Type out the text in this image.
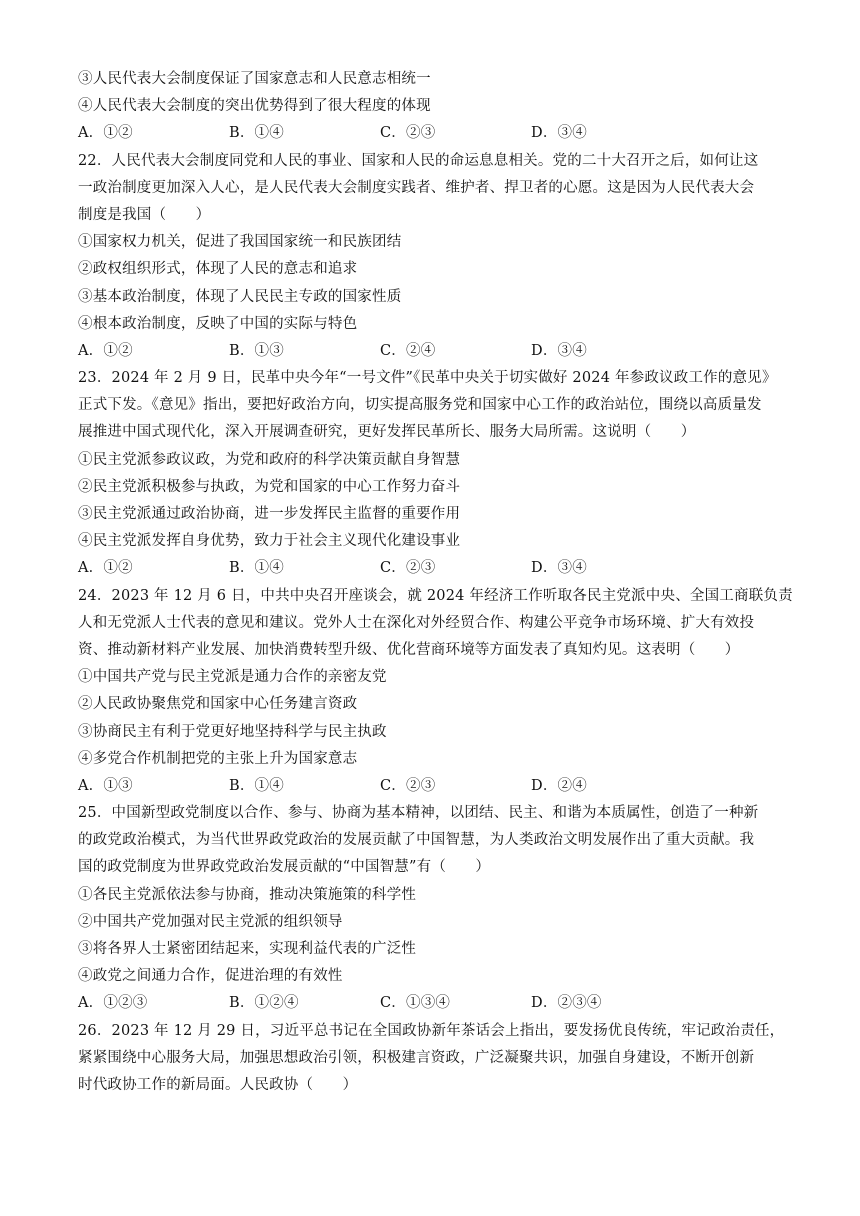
③人民代表大会制度保证了国家意志和人民意志相统一
④人民代表大会制度的突出优势得到了很大程度的体现
A．①②	B．①④	C．②③	D．③④
22．人民代表大会制度同党和人民的事业、国家和人民的命运息息相关。党的二十大召开之后，如何让这
一政治制度更加深入人心，是人民代表大会制度实践者、维护者、捍卫者的心愿。这是因为人民代表大会
制度是我国（　　）
①国家权力机关，促进了我国国家统一和民族团结
②政权组织形式，体现了人民的意志和追求
③基本政治制度，体现了人民民主专政的国家性质
④根本政治制度，反映了中国的实际与特色
A．①②	B．①③	C．②④	D．③④
23．2024 年 2 月 9 日，民革中央今年“一号文件”《民革中央关于切实做好 2024 年参政议政工作的意见》
正式下发。《意见》指出，要把好政治方向，切实提高服务党和国家中心工作的政治站位，围绕以高质量发
展推进中国式现代化，深入开展调查研究，更好发挥民革所长、服务大局所需。这说明（　　）
①民主党派参政议政，为党和政府的科学决策贡献自身智慧
②民主党派积极参与执政，为党和国家的中心工作努力奋斗
③民主党派通过政治协商，进一步发挥民主监督的重要作用
④民主党派发挥自身优势，致力于社会主义现代化建设事业
A．①②	B．①④	C．②③	D．③④
24．2023 年 12 月 6 日，中共中央召开座谈会，就 2024 年经济工作听取各民主党派中央、全国工商联负责
人和无党派人士代表的意见和建议。党外人士在深化对外经贸合作、构建公平竞争市场环境、扩大有效投
资、推动新材料产业发展、加快消费转型升级、优化营商环境等方面发表了真知灼见。这表明（　　）
①中国共产党与民主党派是通力合作的亲密友党
②人民政协聚焦党和国家中心任务建言资政
③协商民主有利于党更好地坚持科学与民主执政
④多党合作机制把党的主张上升为国家意志
A．①③	B．①④	C．②③	D．②④
25．中国新型政党制度以合作、参与、协商为基本精神，以团结、民主、和谐为本质属性，创造了一种新
的政党政治模式，为当代世界政党政治的发展贡献了中国智慧，为人类政治文明发展作出了重大贡献。我
国的政党制度为世界政党政治发展贡献的“中国智慧”有（　　）
①各民主党派依法参与协商，推动决策施策的科学性
②中国共产党加强对民主党派的组织领导
③将各界人士紧密团结起来，实现利益代表的广泛性
④政党之间通力合作，促进治理的有效性
A．①②③	B．①②④	C．①③④	D．②③④
26．2023 年 12 月 29 日，习近平总书记在全国政协新年茶话会上指出，要发扬优良传统，牢记政治责任，
紧紧围绕中心服务大局，加强思想政治引领，积极建言资政，广泛凝聚共识，加强自身建设，不断开创新
时代政协工作的新局面。人民政协（　　）
